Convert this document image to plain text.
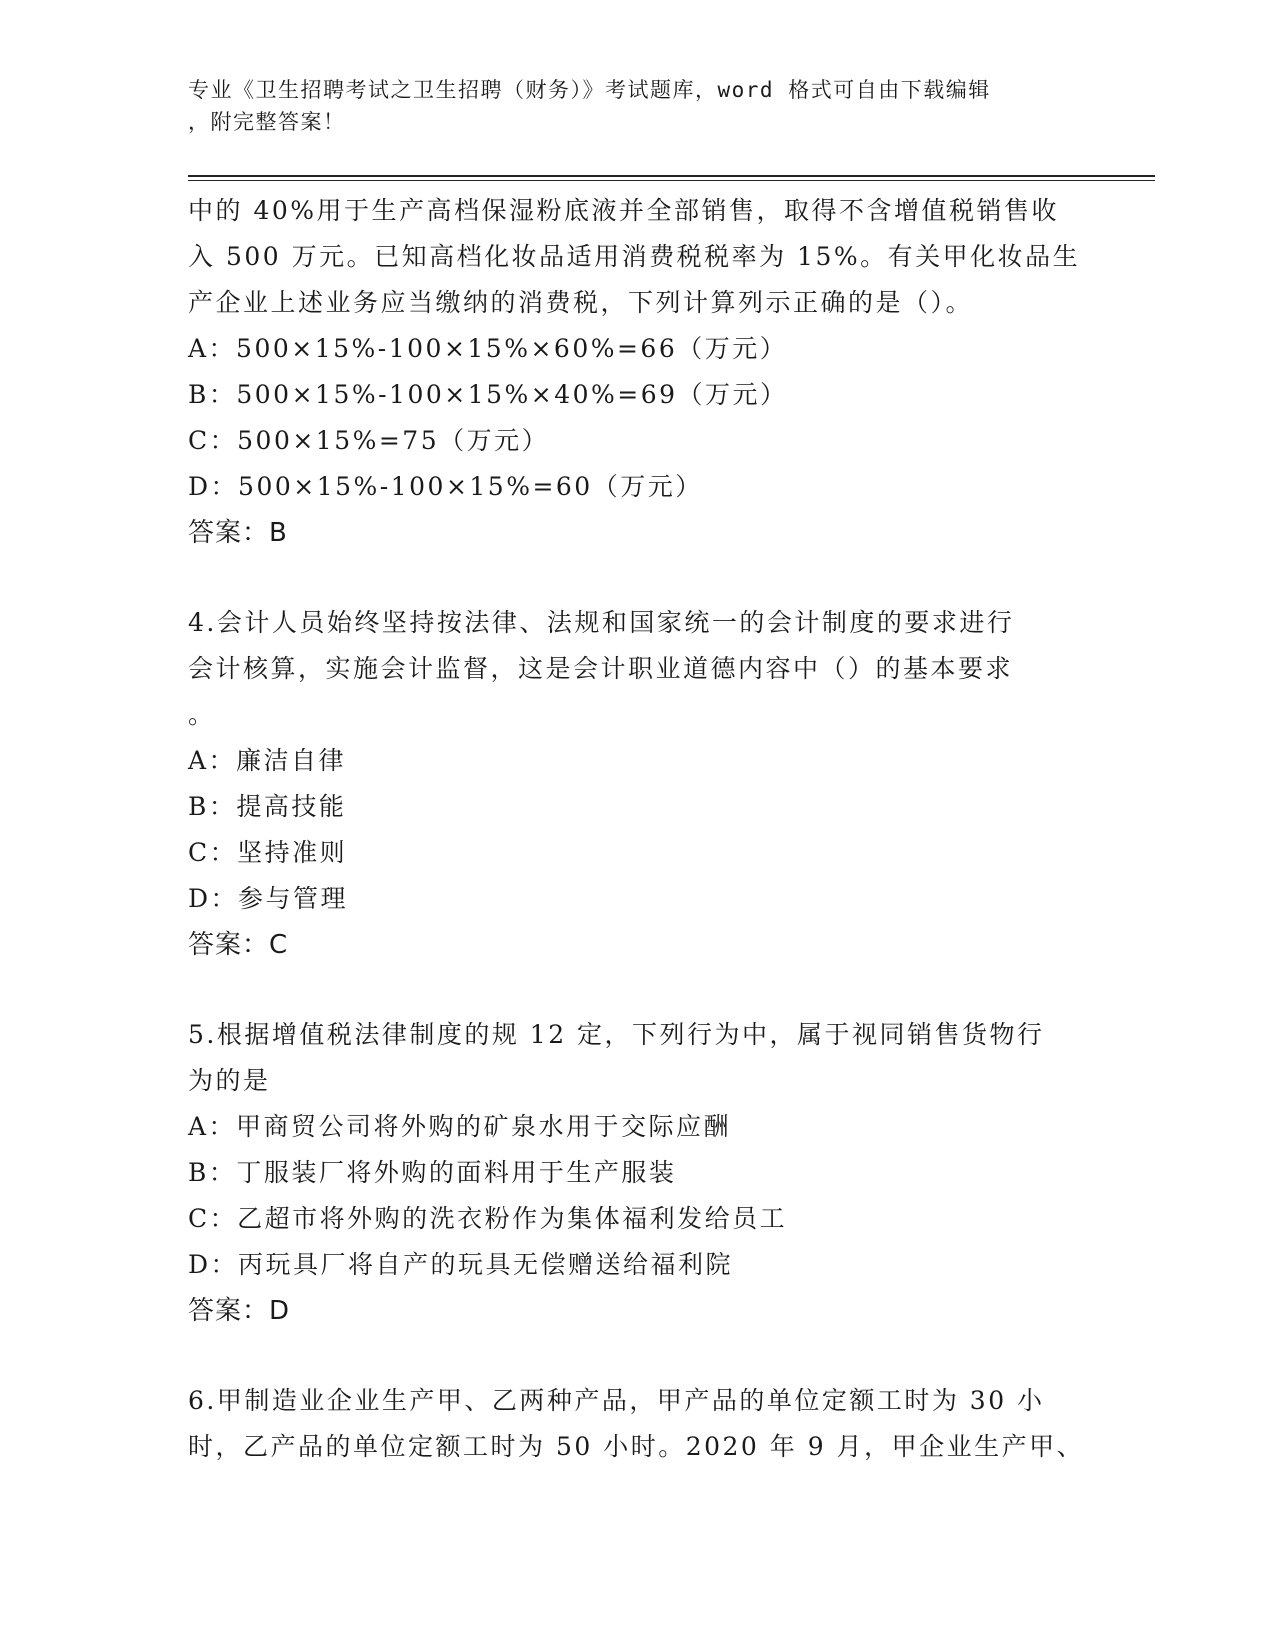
专业《卫生招聘考试之卫生招聘（财务）》考试题库，word 格式可自由下载编辑
，附完整答案！
中的 40%用于生产高档保湿粉底液并全部销售，取得不含增值税销售收
入 500 万元。已知高档化妆品适用消费税税率为 15%。有关甲化妆品生
产企业上述业务应当缴纳的消费税，下列计算列示正确的是（）。
A：500×15%-100×15%×60%=66（万元）
B：500×15%-100×15%×40%=69（万元）
C：500×15%=75（万元）
D：500×15%-100×15%=60（万元）
答案：B
4.会计人员始终坚持按法律、法规和国家统一的会计制度的要求进行
会计核算，实施会计监督，这是会计职业道德内容中（）的基本要求
。
A：廉洁自律
B：提高技能
C：坚持准则
D：参与管理
答案：C
5.根据增值税法律制度的规 12 定，下列行为中，属于视同销售货物行
为的是
A：甲商贸公司将外购的矿泉水用于交际应酬
B：丁服装厂将外购的面料用于生产服装
C：乙超市将外购的洗衣粉作为集体福利发给员工
D：丙玩具厂将自产的玩具无偿赠送给福利院
答案：D
6.甲制造业企业生产甲、乙两种产品，甲产品的单位定额工时为 30 小
时，乙产品的单位定额工时为 50 小时。2020 年 9 月，甲企业生产甲、
